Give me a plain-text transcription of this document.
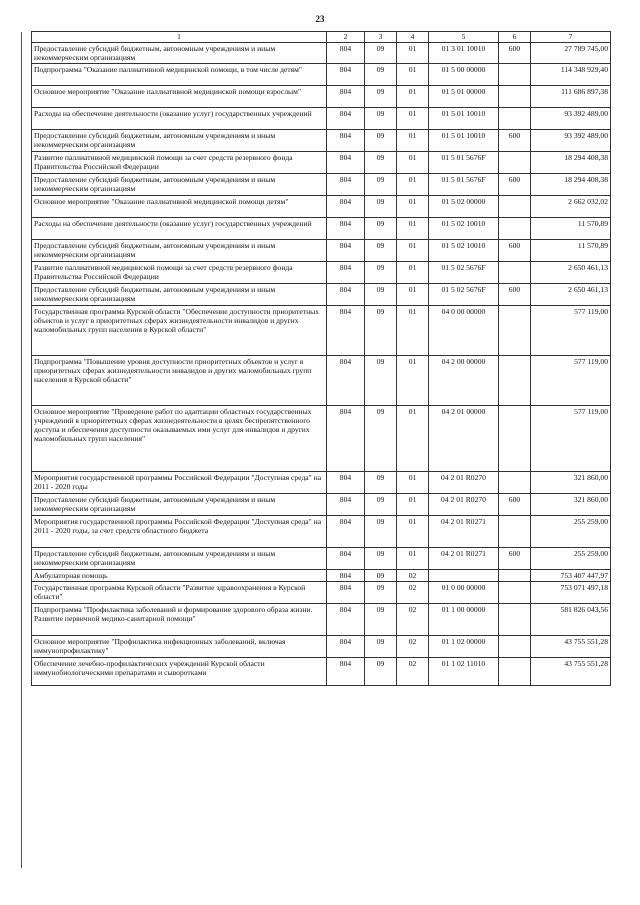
23
1	2	3	4	5	6	7
Предоставление субсидий бюджетным, автономным учреждениям и иным некоммерческим организациям	804	09	01	01 3 01 10010	600	27 789 745,00
Подпрограмма "Оказание паллиативной медицинской помощи, в том числе детям"	804	09	01	01 5 00 00000		114 348 929,40
Основное мероприятие "Оказание паллиативной медицинской помощи взрослым"	804	09	01	01 5 01 00000		111 686 897,38
Расходы на обеспечение деятельности (оказание услуг) государственных учреждений	804	09	01	01 5 01 10010		93 392 489,00
Предоставление субсидий бюджетным, автономным учреждениям и иным некоммерческим организациям	804	09	01	01 5 01 10010	600	93 392 489,00
Развитие паллиативной медицинской помощи за счет средств резервного фонда Правительства Российской Федерации	804	09	01	01 5 01 5676F		18 294 408,38
Предоставление субсидий бюджетным, автономным учреждениям и иным некоммерческим организациям	804	09	01	01 5 01 5676F	600	18 294 408,38
Основное мероприятие "Оказание паллиативной медицинской помощи детям"	804	09	01	01 5 02 00000		2 662 032,02
Расходы на обеспечение деятельности (оказание услуг) государственных учреждений	804	09	01	01 5 02 10010		11 570,89
Предоставление субсидий бюджетным, автономным учреждениям и иным некоммерческим организациям	804	09	01	01 5 02 10010	600	11 570,89
Развитие паллиативной медицинской помощи за счет средств резервного фонда Правительства Российской Федерации	804	09	01	01 5 02 5676F		2 650 461,13
Предоставление субсидий бюджетным, автономным учреждениям и иным некоммерческим организациям	804	09	01	01 5 02 5676F	600	2 650 461,13
Государственная программа Курской области "Обеспечение доступности приоритетных объектов и услуг в приоритетных сферах жизнедеятельности инвалидов и других маломобильных групп населения в Курской области"	804	09	01	04 0 00 00000		577 119,00
Подпрограмма "Повышение уровня доступности приоритетных объектов и услуг в приоритетных сферах жизнедеятельности инвалидов и других маломобильных групп населения в Курской области"	804	09	01	04 2 00 00000		577 119,00
Основное мероприятие "Проведение работ по адаптации областных государственных учреждений в приоритетных сферах жизнедеятельности в целях беспрепятственного доступа и обеспечения доступности оказываемых ими услуг для инвалидов и других маломобильных групп населения"	804	09	01	04 2 01 00000		577 119,00
Мероприятия государственной программы Российской Федерации "Доступная среда" на 2011 - 2020 годы	804	09	01	04 2 01 R0270		321 860,00
Предоставление субсидий бюджетным, автономным учреждениям и иным некоммерческим организациям	804	09	01	04 2 01 R0270	600	321 860,00
Мероприятия государственной программы Российской Федерации "Доступная среда" на 2011 - 2020 годы, за счет средств областного бюджета	804	09	01	04 2 01 R0271		255 259,00
Предоставление субсидий бюджетным, автономным учреждениям и иным некоммерческим организациям	804	09	01	04 2 01 R0271	600	255 259,00
Амбулаторная помощь	804	09	02			753 407 447,97
Государственная программа Курской области "Развитие здравоохранения в Курской области"	804	09	02	01 0 00 00000		753 071 497,18
Подпрограмма "Профилактика заболеваний и формирование здорового образа жизни. Развитие первичной медико-санитарной помощи"	804	09	02	01 1 00 00000		581 826 043,56
Основное мероприятие "Профилактика инфекционных заболеваний, включая иммунопрофилактику"	804	09	02	01 1 02 00000		43 755 551,28
Обеспечение лечебно-профилактических учреждений Курской области иммунобиологическими препаратами и сыворотками	804	09	02	01 1 02 11010		43 755 551,28
